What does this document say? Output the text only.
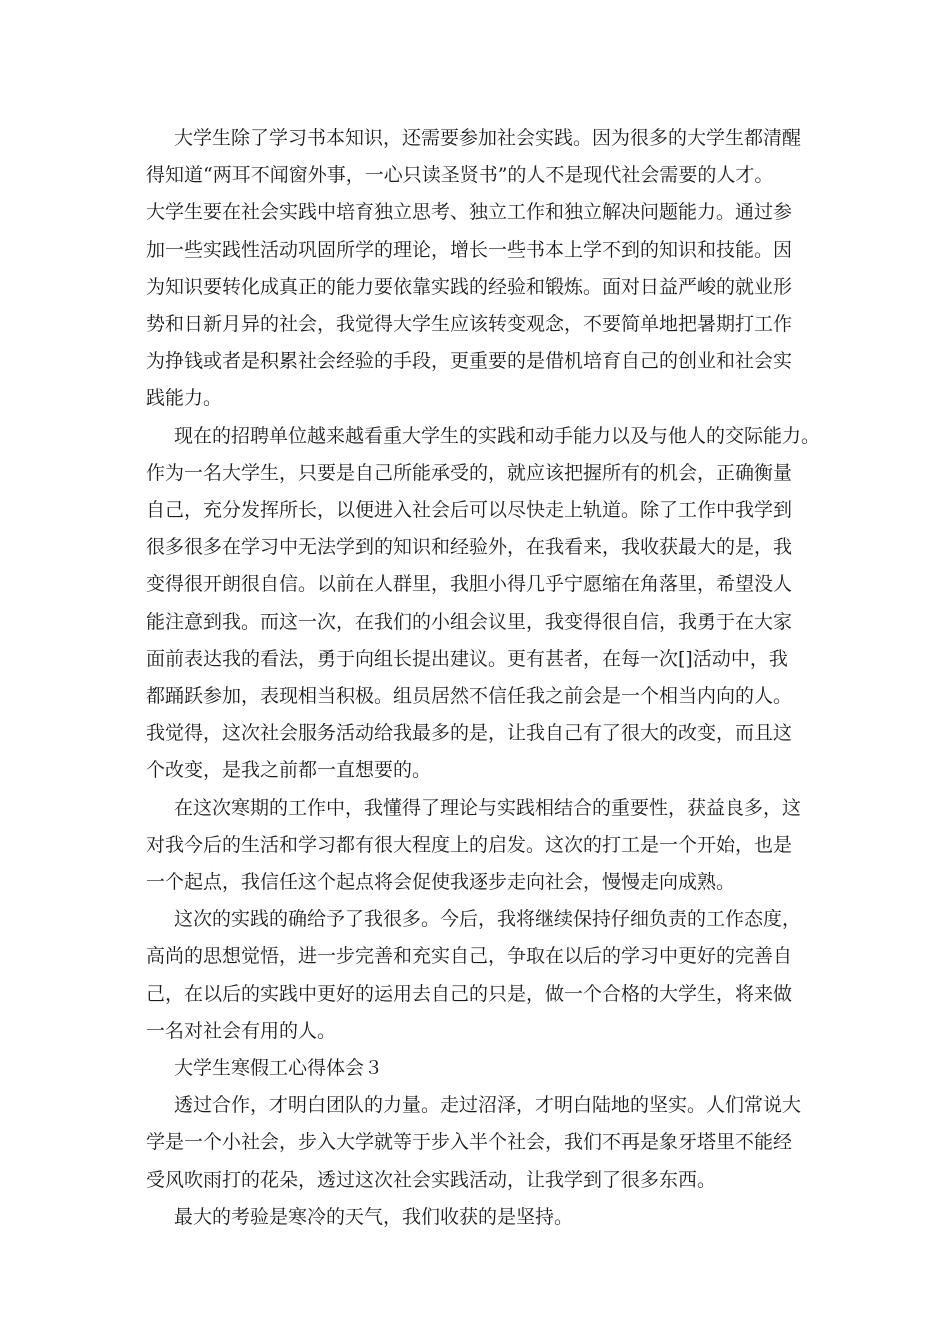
大学生除了学习书本知识，还需要参加社会实践。因为很多的大学生都清醒
得知道“两耳不闻窗外事，一心只读圣贤书”的人不是现代社会需要的人才。
大学生要在社会实践中培育独立思考、独立工作和独立解决问题能力。通过参
加一些实践性活动巩固所学的理论，增长一些书本上学不到的知识和技能。因
为知识要转化成真正的能力要依靠实践的经验和锻炼。面对日益严峻的就业形
势和日新月异的社会，我觉得大学生应该转变观念，不要简单地把暑期打工作
为挣钱或者是积累社会经验的手段，更重要的是借机培育自己的创业和社会实
践能力。
现在的招聘单位越来越看重大学生的实践和动手能力以及与他人的交际能力。
作为一名大学生，只要是自己所能承受的，就应该把握所有的机会，正确衡量
自己，充分发挥所长，以便进入社会后可以尽快走上轨道。除了工作中我学到
很多很多在学习中无法学到的知识和经验外，在我看来，我收获最大的是，我
变得很开朗很自信。以前在人群里，我胆小得几乎宁愿缩在角落里，希望没人
能注意到我。而这一次，在我们的小组会议里，我变得很自信，我勇于在大家
面前表达我的看法，勇于向组长提出建议。更有甚者，在每一次[]活动中，我
都踊跃参加，表现相当积极。组员居然不信任我之前会是一个相当内向的人。
我觉得，这次社会服务活动给我最多的是，让我自己有了很大的改变，而且这
个改变，是我之前都一直想要的。
在这次寒期的工作中，我懂得了理论与实践相结合的重要性，获益良多，这
对我今后的生活和学习都有很大程度上的启发。这次的打工是一个开始，也是
一个起点，我信任这个起点将会促使我逐步走向社会，慢慢走向成熟。
这次的实践的确给予了我很多。今后，我将继续保持仔细负责的工作态度，
高尚的思想觉悟，进一步完善和充实自己，争取在以后的学习中更好的完善自
己，在以后的实践中更好的运用去自己的只是，做一个合格的大学生，将来做
一名对社会有用的人。
大学生寒假工心得体会３
透过合作，才明白团队的力量。走过沼泽，才明白陆地的坚实。人们常说大
学是一个小社会，步入大学就等于步入半个社会，我们不再是象牙塔里不能经
受风吹雨打的花朵，透过这次社会实践活动，让我学到了很多东西。
最大的考验是寒冷的天气，我们收获的是坚持。
